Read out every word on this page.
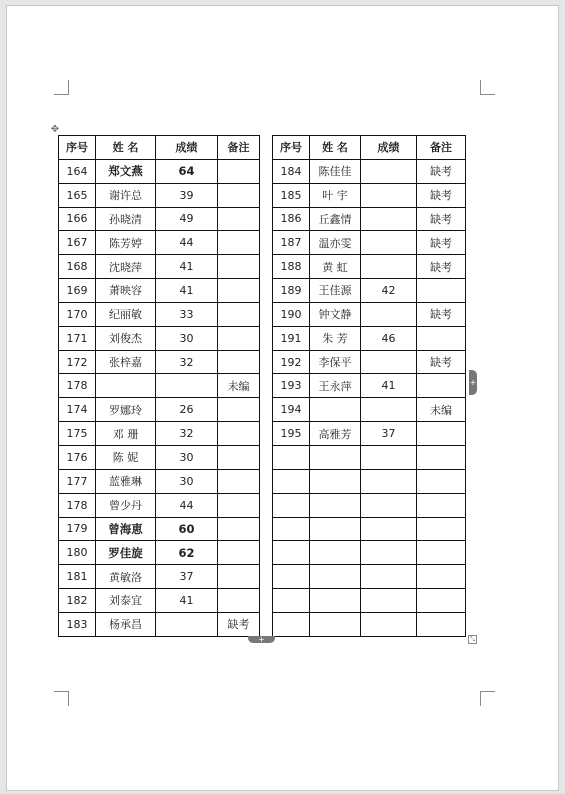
✥
序号	姓 名	成绩	备注
164	郑文燕	64	
165	谢许总	39	
166	孙晓清	49	
167	陈芳婷	44	
168	沈晓萍	41	
169	萧映容	41	
170	纪丽敏	33	
171	刘俊杰	30	
172	张梓嘉	32	
178			未编
174	罗娜玲	26	
175	邓 珊	32	
176	陈 妮	30	
177	蓝雅琳	30	
178	曾少丹	44	
179	曾海恵	60	
180	罗佳旋	62	
181	黄敏洛	37	
182	刘泰宜	41	
183	杨承昌		缺考
序号	姓 名	成绩	备注
184	陈佳佳		缺考
185	叶 宇		缺考
186	丘鑫情		缺考
187	温亦雯		缺考
188	黄 虹		缺考
189	王佳源	42	
190	钟文静		缺考
191	朱 芳	46	
192	李保平		缺考
193	王永萍	41	
194			未编
195	高雅芳	37	

+
+
⤡
